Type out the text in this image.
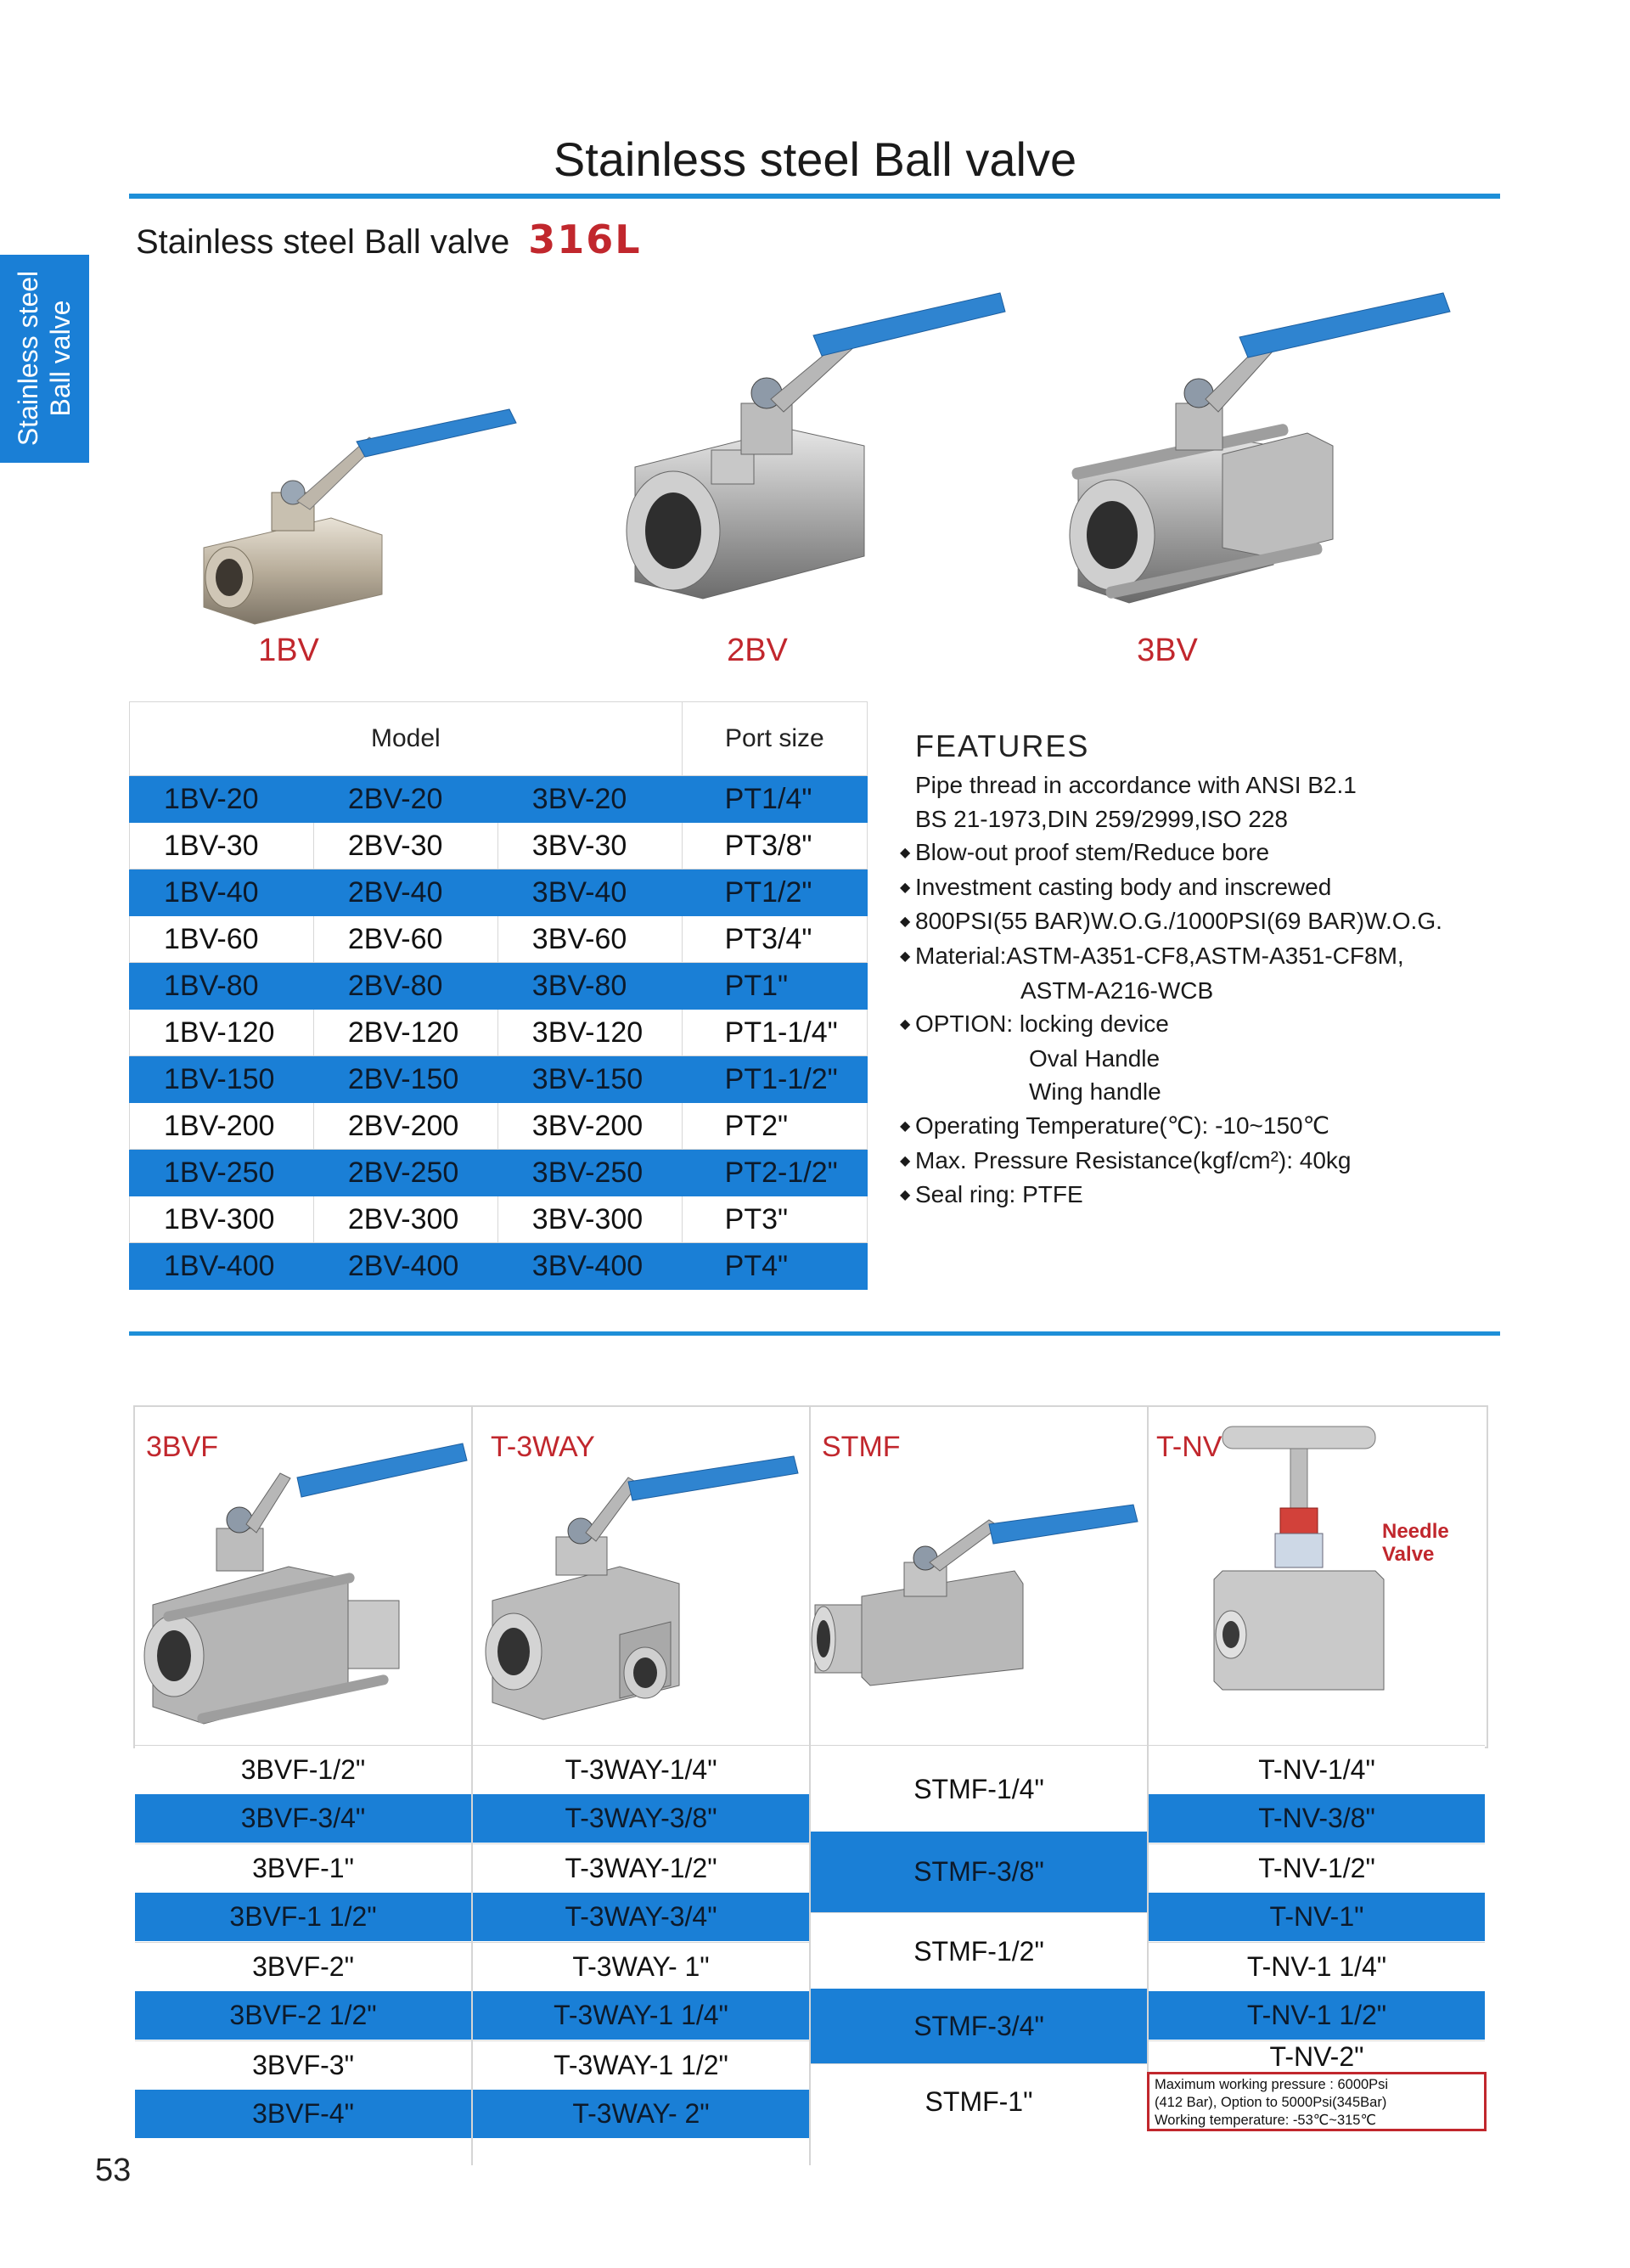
Stainless steel Ball valve
Stainless steel Ball valve 316L
Stainless steel Ball valve
1BV	2BV	3BV
Model			Port size
1BV-20	2BV-20	3BV-20	PT1/4"
1BV-30	2BV-30	3BV-30	PT3/8"
1BV-40	2BV-40	3BV-40	PT1/2"
1BV-60	2BV-60	3BV-60	PT3/4"
1BV-80	2BV-80	3BV-80	PT1"
1BV-120	2BV-120	3BV-120	PT1-1/4"
1BV-150	2BV-150	3BV-150	PT1-1/2"
1BV-200	2BV-200	3BV-200	PT2"
1BV-250	2BV-250	3BV-250	PT2-1/2"
1BV-300	2BV-300	3BV-300	PT3"
1BV-400	2BV-400	3BV-400	PT4"
FEATURES
Pipe thread in accordance with ANSI B2.1
BS 21-1973,DIN 259/2999,ISO 228
◆ Blow-out proof stem/Reduce bore
◆ Investment casting body and inscrewed
◆ 800PSI(55 BAR)W.O.G./1000PSI(69 BAR)W.O.G.
◆ Material:ASTM-A351-CF8,ASTM-A351-CF8M,
ASTM-A216-WCB
◆ OPTION: locking device
Oval Handle
Wing handle
◆ Operating Temperature(℃): -10~150℃
◆ Max. Pressure Resistance(kgf/cm²): 40kg
◆ Seal ring: PTFE
3BVF	T-3WAY	STMF	T-NV
Needle
Valve
3BVF-1/2"
3BVF-3/4"
3BVF-1"
3BVF-1 1/2"
3BVF-2"
3BVF-2 1/2"
3BVF-3"
3BVF-4"
T-3WAY-1/4"
T-3WAY-3/8"
T-3WAY-1/2"
T-3WAY-3/4"
T-3WAY- 1"
T-3WAY-1 1/4"
T-3WAY-1 1/2"
T-3WAY- 2"
STMF-1/4"
STMF-3/8"
STMF-1/2"
STMF-3/4"
STMF-1"
T-NV-1/4"
T-NV-3/8"
T-NV-1/2"
T-NV-1"
T-NV-1 1/4"
T-NV-1 1/2"
T-NV-2"
Maximum working pressure : 6000Psi
(412 Bar), Option to 5000Psi(345Bar)
Working temperature: -53℃~315℃
53
